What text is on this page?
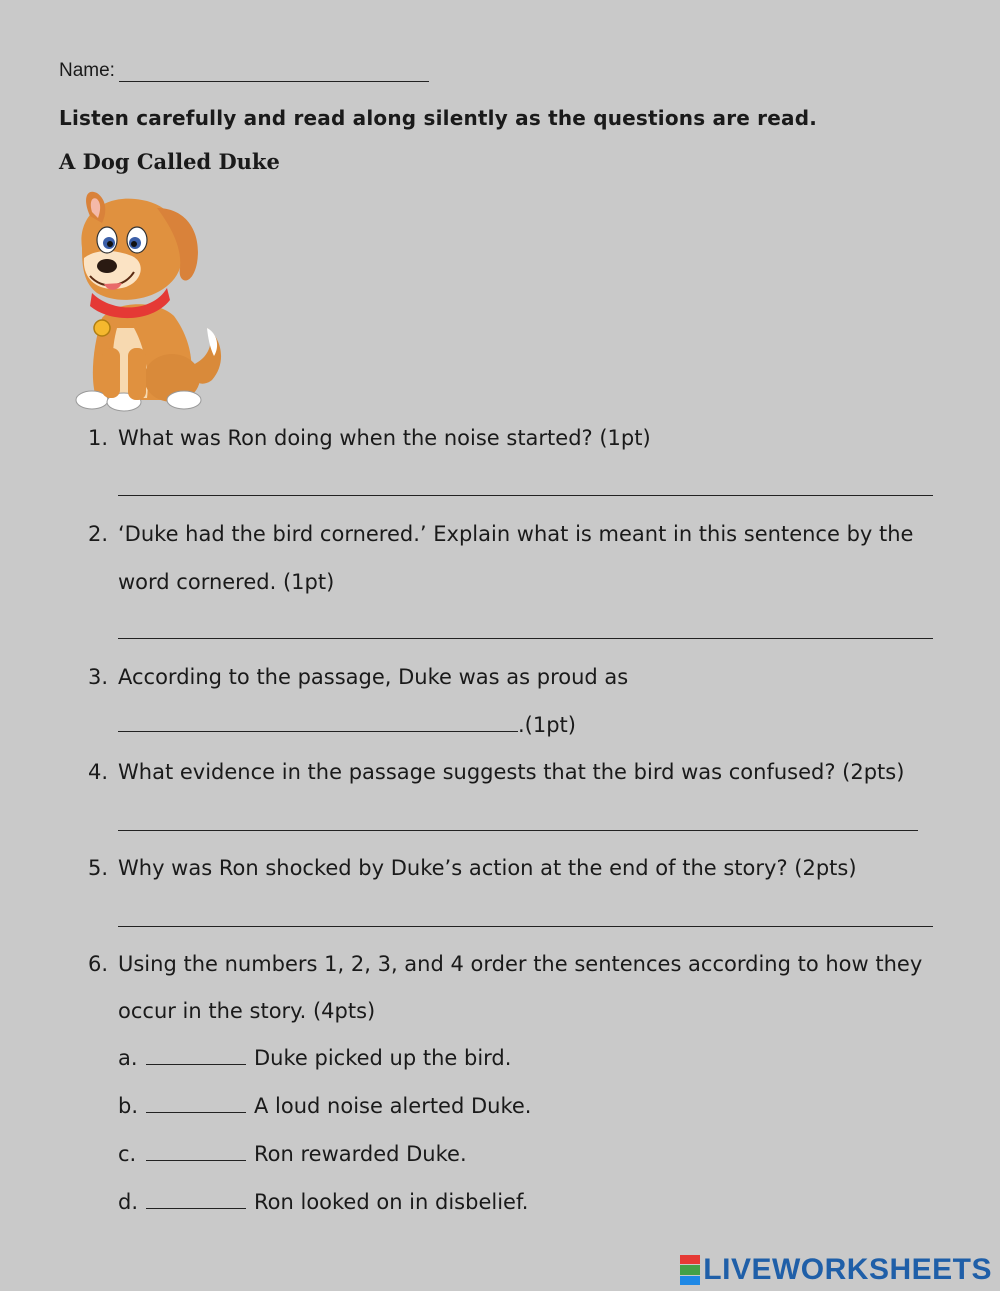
Name:
Listen carefully and read along silently as the questions are read.
A Dog Called Duke
1. What was Ron doing when the noise started? (1pt)
2. ‘Duke had the bird cornered.’ Explain what is meant in this sentence by the
word cornered. (1pt)
3. According to the passage, Duke was as proud as
.(1pt)
4. What evidence in the passage suggests that the bird was confused? (2pts)
5. Why was Ron shocked by Duke’s action at the end of the story? (2pts)
6. Using the numbers 1, 2, 3, and 4 order the sentences according to how they
occur in the story. (4pts)
a.	Duke picked up the bird.
b.	A loud noise alerted Duke.
c.	Ron rewarded Duke.
d.	Ron looked on in disbelief.
LIVEWORKSHEETS
